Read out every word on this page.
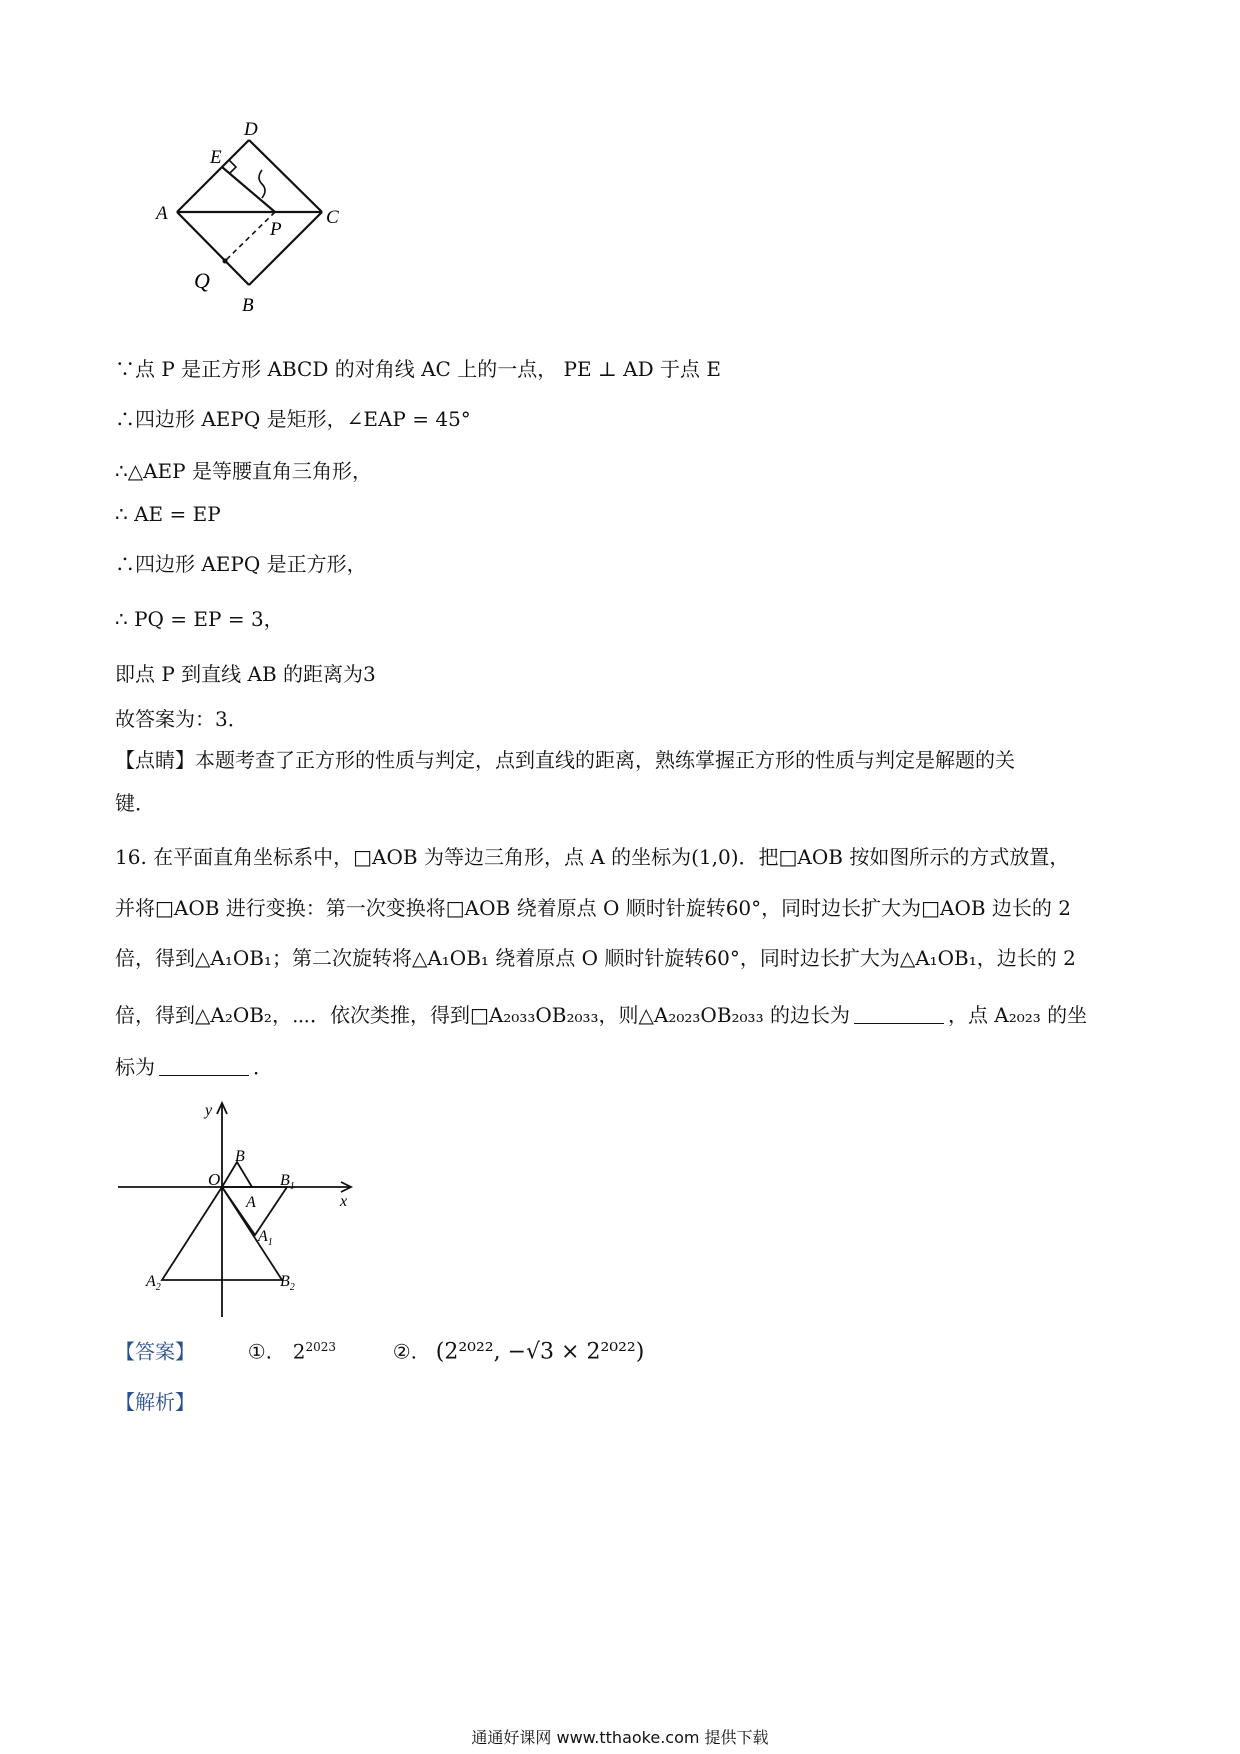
A
D
E
C
P
Q
B
∵点 P 是正方形 ABCD 的对角线 AC 上的一点， PE ⊥ AD 于点 E
∴四边形 AEPQ 是矩形，∠EAP = 45°
∴△AEP 是等腰直角三角形，
∴ AE = EP
∴四边形 AEPQ 是正方形，
∴ PQ = EP = 3，
即点 P 到直线 AB 的距离为3
故答案为：3．
【点睛】本题考查了正方形的性质与判定，点到直线的距离，熟练掌握正方形的性质与判定是解题的关
键．
16. 在平面直角坐标系中，□AOB 为等边三角形，点 A 的坐标为(1,0)．把□AOB 按如图所示的方式放置，
并将□AOB 进行变换：第一次变换将□AOB 绕着原点 O 顺时针旋转60°，同时边长扩大为□AOB 边长的 2
倍，得到△A₁OB₁；第二次旋转将△A₁OB₁ 绕着原点 O 顺时针旋转60°，同时边长扩大为△A₁OB₁，边长的 2
倍，得到△A₂OB₂，⋯．依次类推，得到□A₂₀₃₃OB₂₀₃₃，则△A₂₀₂₃OB₂₀₃₃ 的边长为	，点 A₂₀₂₃ 的坐
标为	．
y
x
O
B
A
$B_1$
$A_1$
$A_2$	$B_2$
【答案】	①. $2^{2023}$	②. (2²⁰²², −√3 × 2²⁰²²)
【解析】
通通好课网 www.tthaoke.com 提供下载
